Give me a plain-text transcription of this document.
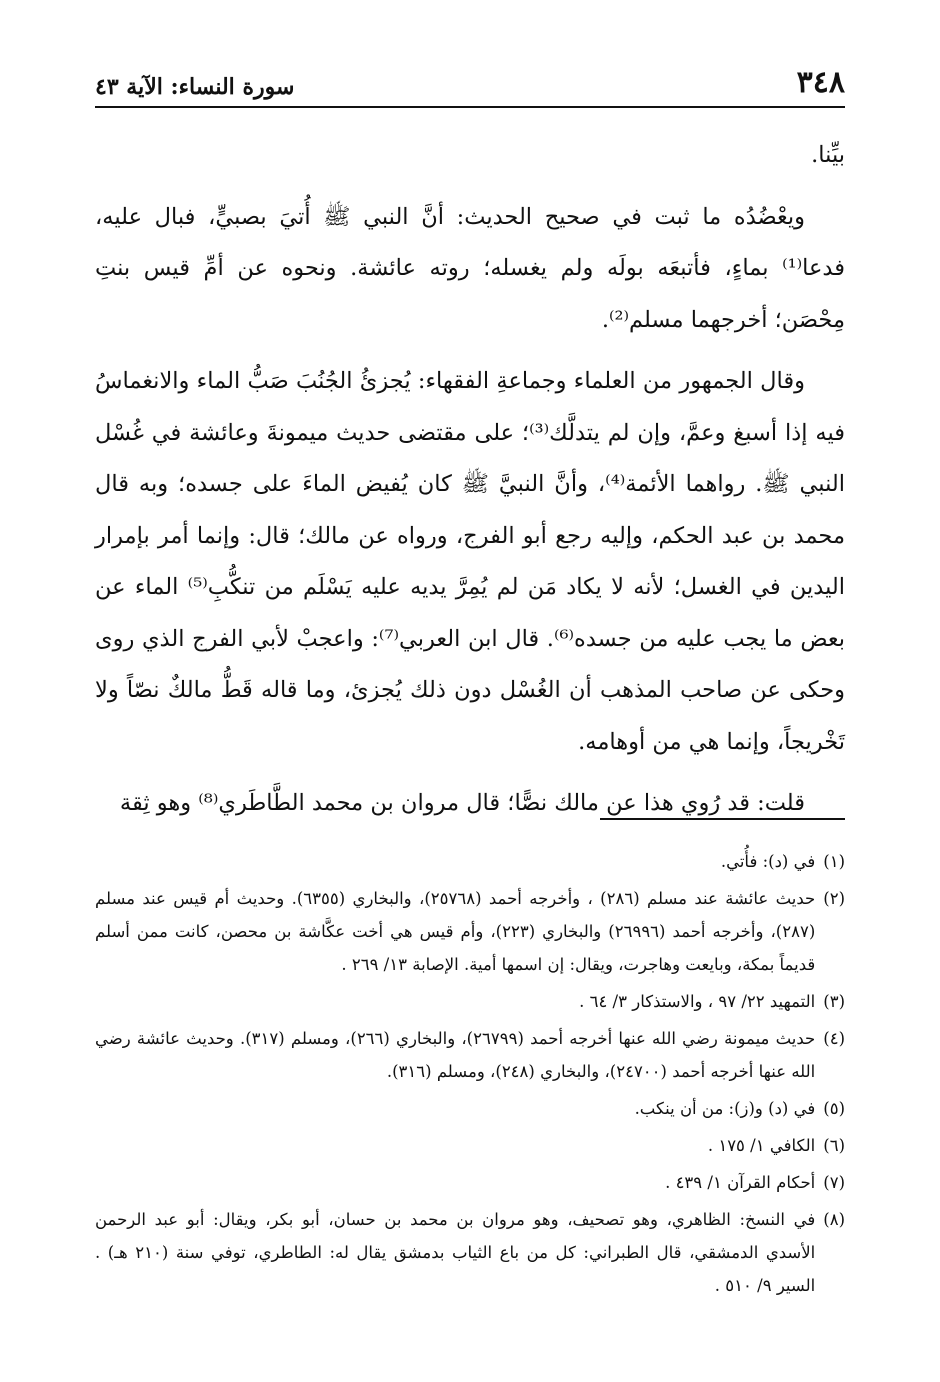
٣٤٨
سورة النساء: الآية ٤٣

بيِّنا.

ويعْضُدُه ما ثبت في صحيح الحديث: أنَّ النبي ﷺ أُتيَ بصبيٍّ، فبال عليه، فدعا⁽¹⁾ بماءٍ، فأتبعَه بولَه ولم يغسله؛ روته عائشة. ونحوه عن أمِّ قيس بنتِ مِحْصَن؛ أخرجهما مسلم⁽²⁾.

وقال الجمهور من العلماء وجماعةِ الفقهاء: يُجزئُ الجُنُبَ صَبُّ الماء والانغماسُ فيه إذا أسبغ وعمَّ، وإن لم يتدلَّك⁽³⁾؛ على مقتضى حديث ميمونةَ وعائشة في غُسْل النبي ﷺ. رواهما الأئمة⁽⁴⁾، وأنَّ النبيَّ ﷺ كان يُفيض الماءَ على جسده؛ وبه قال محمد بن عبد الحكم، وإليه رجع أبو الفرج، ورواه عن مالك؛ قال: وإنما أمر بإمرار اليدين في الغسل؛ لأنه لا يكاد مَن لم يُمِرَّ يديه عليه يَسْلَم من تنكُّبِ⁽⁵⁾ الماء عن بعض ما يجب عليه من جسده⁽⁶⁾. قال ابن العربي⁽⁷⁾: واعجبْ لأبي الفرج الذي روى وحكى عن صاحب المذهب أن الغُسْل دون ذلك يُجزئ، وما قاله قَطُّ مالكٌ نصّاً ولا تَخْريجاً، وإنما هي من أوهامه.

قلت: قد رُوي هذا عن مالك نصًّا؛ قال مروان بن محمد الطَّاطَري⁽⁸⁾ وهو ثِقة

(١)
في (د): فأُتي.
(٢)
حديث عائشة عند مسلم (٢٨٦) ، وأخرجه أحمد (٢٥٧٦٨)، والبخاري (٦٣٥٥). وحديث أم قيس عند مسلم (٢٨٧)، وأخرجه أحمد (٢٦٩٩٦) والبخاري (٢٢٣)، وأم قيس هي أخت عكَّاشة بن محصن، كانت ممن أسلم قديماً بمكة، وبايعت وهاجرت، ويقال: إن اسمها أمية. الإصابة ١٣/ ٢٦٩ .
(٣)
التمهيد ٢٢/ ٩٧ ، والاستذكار ٣/ ٦٤ .
(٤)
حديث ميمونة رضي الله عنها أخرجه أحمد (٢٦٧٩٩)، والبخاري (٢٦٦)، ومسلم (٣١٧). وحديث عائشة رضي الله عنها أخرجه أحمد (٢٤٧٠٠)، والبخاري (٢٤٨)، ومسلم (٣١٦).
(٥)
في (د) و(ز): من أن ينكب.
(٦)
الكافي ١/ ١٧٥ .
(٧)
أحكام القرآن ١/ ٤٣٩ .
(٨)
في النسخ: الظاهري، وهو تصحيف، وهو مروان بن محمد بن حسان، أبو بكر، ويقال: أبو عبد الرحمن الأسدي الدمشقي، قال الطبراني: كل من باع الثياب بدمشق يقال له: الطاطري، توفي سنة (٢١٠ هـ) . السير ٩/ ٥١٠ .
